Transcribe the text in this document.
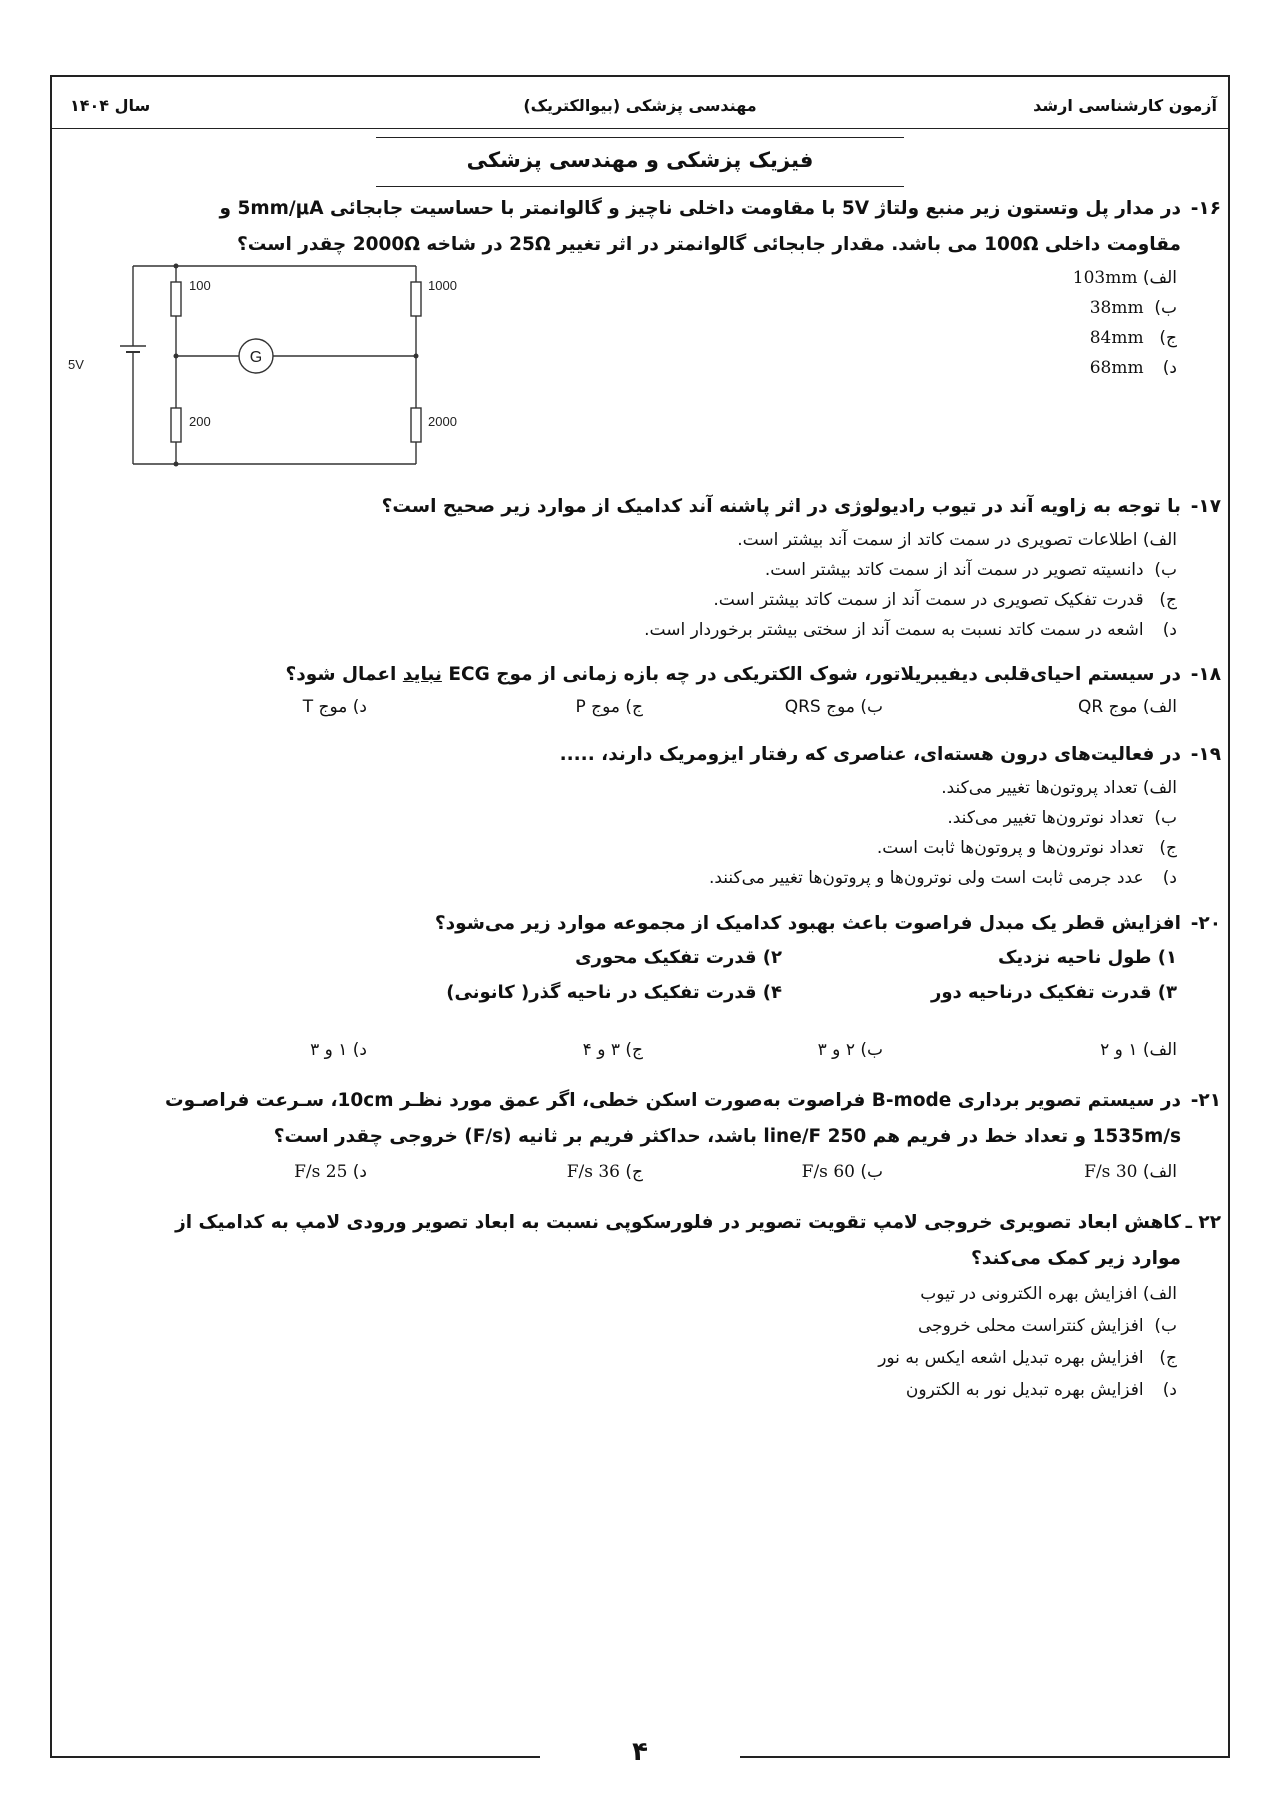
آزمون کارشناسی ارشد
مهندسی پزشکی (بیوالکتریک)
سال ۱۴۰۴
فیزیک پزشکی و مهندسی پزشکی
۱۶-در مدار پل وتستون زیر منبع ولتاژ 5V با مقاومت داخلی ناچیز و گالوانمتر با حساسیت جابجائی 5mm/μA و
مقاومت داخلی 100Ω می باشد. مقدار جابجائی گالوانمتر در اثر تغییر 25Ω در شاخه 2000Ω چقدر است؟
الف) 103mm
ب) 38mm
ج) 84mm
د) 68mm
G
5V
100	1000
200	2000
۱۷-با توجه به زاویه آند در تیوب رادیولوژی در اثر پاشنه آند کدامیک از موارد زیر صحیح است؟
الف) اطلاعات تصویری در سمت کاتد از سمت آند بیشتر است.
ب) دانسیته تصویر در سمت آند از سمت کاتد بیشتر است.
ج) قدرت تفکیک تصویری در سمت آند از سمت کاتد بیشتر است.
د) اشعه در سمت کاتد نسبت به سمت آند از سختی بیشتر برخوردار است.
۱۸-در سیستم احیای‌قلبی دیفیبریلاتور، شوک الکتریکی در چه بازه زمانی از موج ECG نباید اعمال شود؟
الف) موج QR
ب) موج QRS
ج) موج P
د) موج T
۱۹-در فعالیت‌های درون هسته‌ای، عناصری که رفتار ایزومریک دارند، .....
الف) تعداد پروتون‌ها تغییر می‌کند.
ب) تعداد نوترون‌ها تغییر می‌کند.
ج) تعداد نوترون‌ها و پروتون‌ها ثابت است.
د) عدد جرمی ثابت است ولی نوترون‌ها و پروتون‌ها تغییر می‌کنند.
۲۰-افزایش قطر یک مبدل فراصوت باعث بهبود کدامیک از مجموعه موارد زیر می‌شود؟
۱) طول ناحیه نزدیک
۲) قدرت تفکیک محوری
۳) قدرت تفکیک درناحیه دور
۴) قدرت تفکیک در ناحیه گذر( کانونی)
الف) ۱ و ۲
ب) ۲ و ۳
ج) ۳ و ۴
د) ۱ و ۳
۲۱-در سیستم تصویر برداری B-mode فراصوت به‌صورت اسکن خطی، اگر عمق مورد نظـر 10cm، سـرعت فراصـوت
1535m/s و تعداد خط در فریم هم 250 line/F باشد، حداکثر فریم بر ثانیه (F/s) خروجی چقدر است؟
الف) 30 F/s
ب) 60 F/s
ج) 36 F/s
د) 25 F/s
۲۲ ـکاهش ابعاد تصویری خروجی لامپ تقویت تصویر در فلورسکوپی نسبت به ابعاد تصویر ورودی لامپ به کدامیک از
موارد زیر کمک می‌کند؟
الف) افزایش بهره الکترونی در تیوب
ب) افزایش کنتراست محلی خروجی
ج) افزایش بهره تبدیل اشعه ایکس به نور
د) افزایش بهره تبدیل نور به الکترون
۴
